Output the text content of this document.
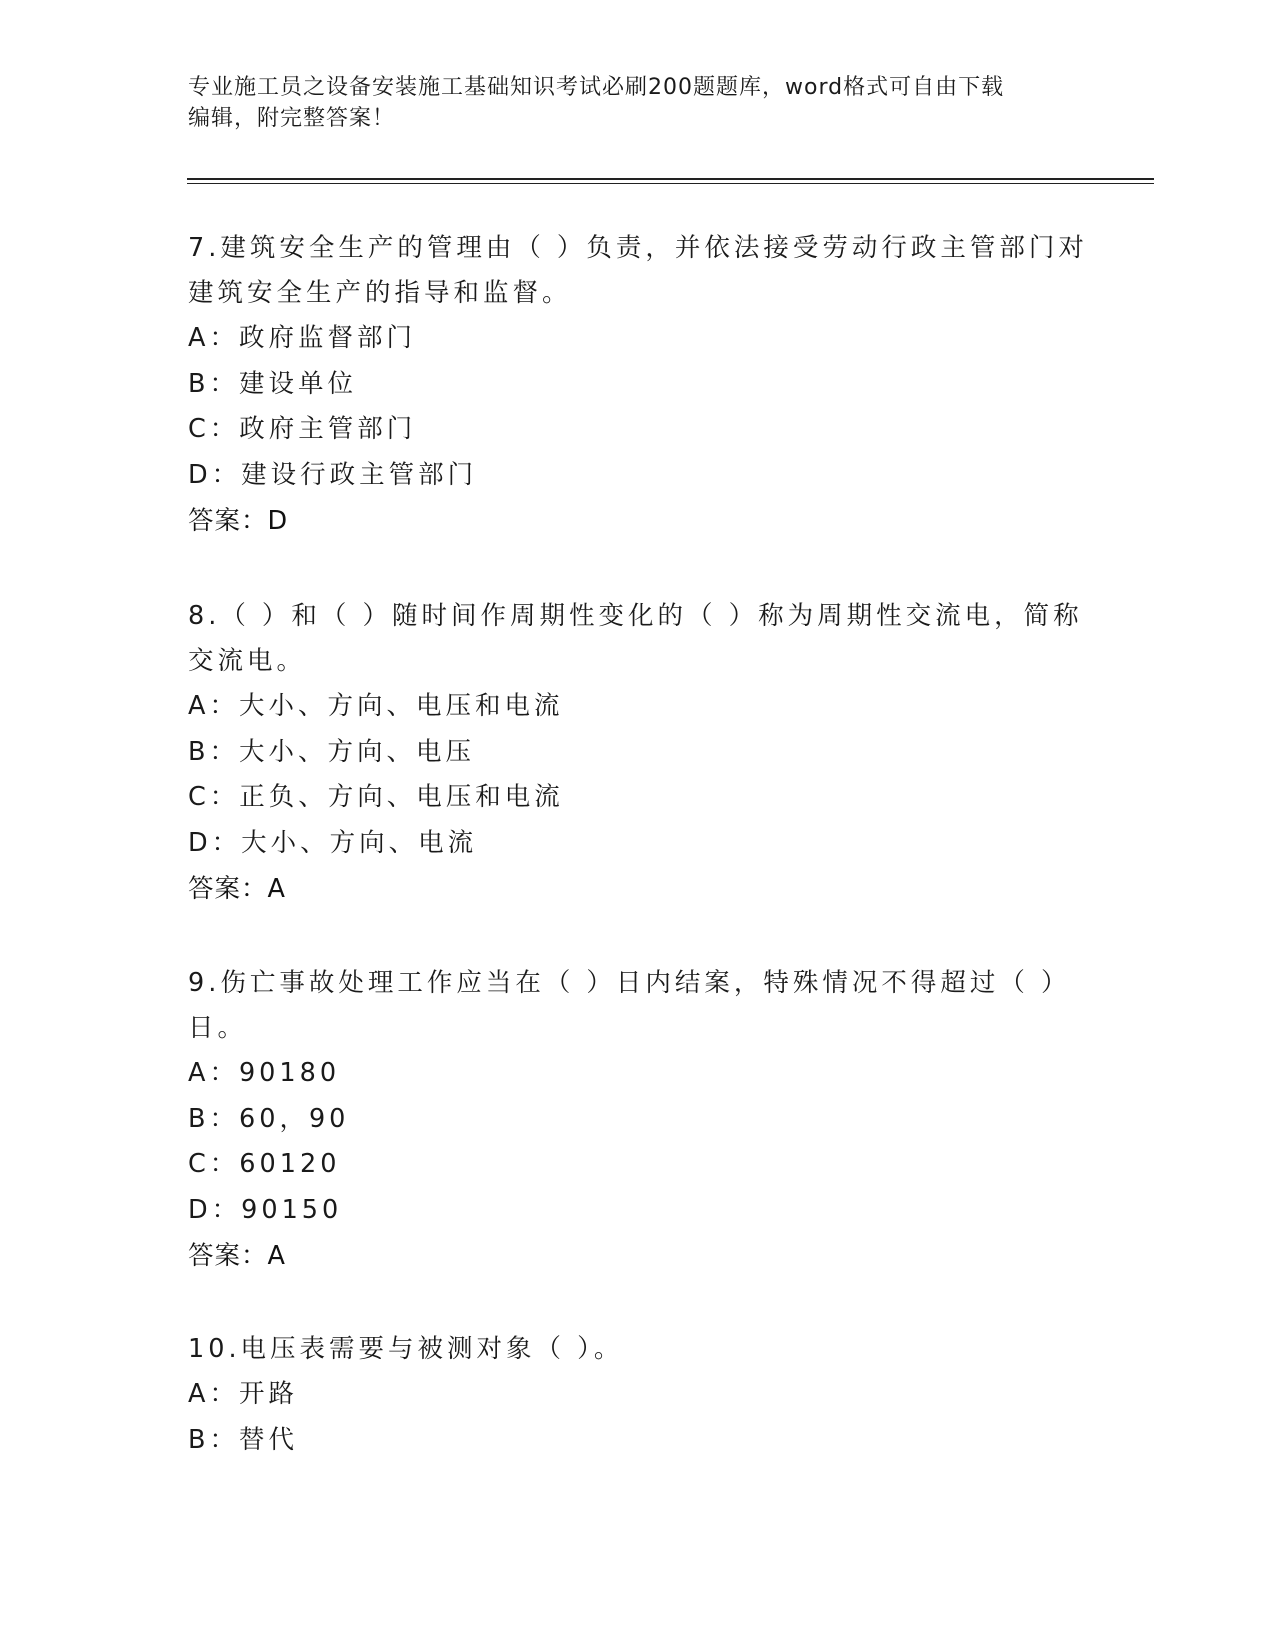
专业施工员之设备安装施工基础知识考试必刷200题题库，word格式可自由下载
编辑，附完整答案！

7.建筑安全生产的管理由（ ）负责，并依法接受劳动行政主管部门对

建筑安全生产的指导和监督。

A：政府监督部门

B：建设单位

C：政府主管部门

D：建设行政主管部门

答案：D

8.（ ）和（ ）随时间作周期性变化的（ ）称为周期性交流电，简称

交流电。

A：大小、方向、电压和电流

B：大小、方向、电压

C：正负、方向、电压和电流

D：大小、方向、电流

答案：A

9.伤亡事故处理工作应当在（ ）日内结案，特殊情况不得超过（ ）

日。

A：90180

B：60，90

C：60120

D：90150

答案：A

10.电压表需要与被测对象（ ）。

A：开路

B：替代
